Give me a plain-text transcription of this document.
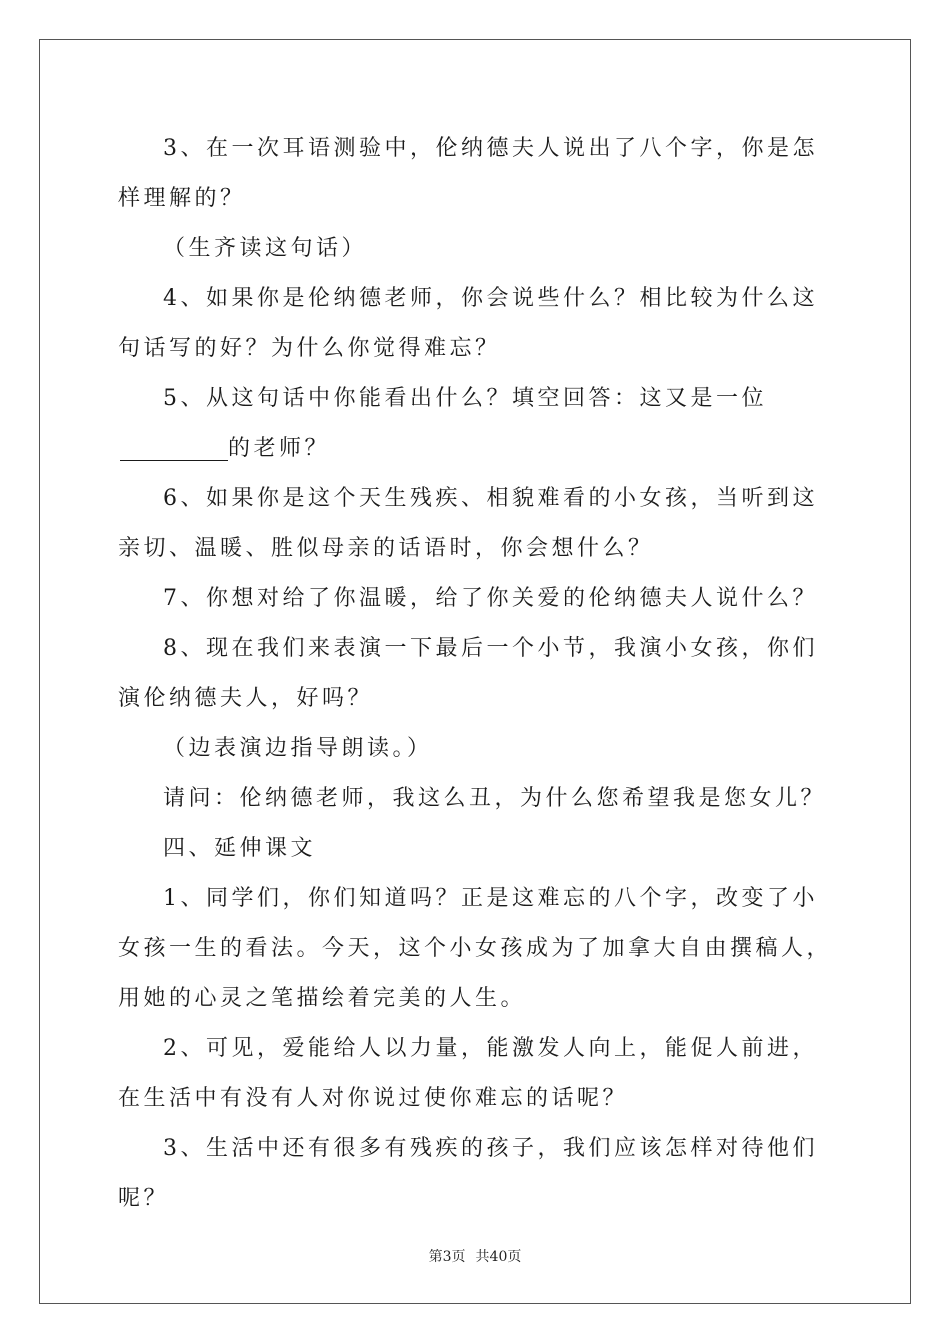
3、在一次耳语测验中，伦纳德夫人说出了八个字，你是怎样理解的？

（生齐读这句话）

4、如果你是伦纳德老师，你会说些什么？相比较为什么这句话写的好？为什么你觉得难忘？

5、从这句话中你能看出什么？填空回答：这又是一位的老师？

6、如果你是这个天生残疾、相貌难看的小女孩，当听到这亲切、温暖、胜似母亲的话语时，你会想什么？

7、你想对给了你温暖，给了你关爱的伦纳德夫人说什么？

8、现在我们来表演一下最后一个小节，我演小女孩，你们演伦纳德夫人，好吗？

（边表演边指导朗读。）

请问：伦纳德老师，我这么丑，为什么您希望我是您女儿？

四、延伸课文

1、同学们，你们知道吗？正是这难忘的八个字，改变了小女孩一生的看法。今天，这个小女孩成为了加拿大自由撰稿人，用她的心灵之笔描绘着完美的人生。

2、可见，爱能给人以力量，能激发人向上，能促人前进，在生活中有没有人对你说过使你难忘的话呢？

3、生活中还有很多有残疾的孩子，我们应该怎样对待他们呢？

第3页 共40页
